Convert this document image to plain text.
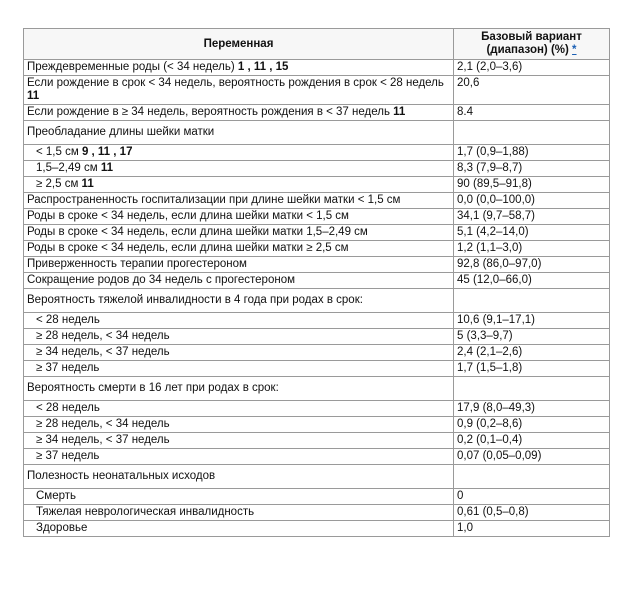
Переменная	Базовый вариант (диапазон) (%) *
Преждевременные роды (< 34 недель) 1 , 11 , 15	2,1 (2,0–3,6)
Если рождение в срок < 34 недель, вероятность рождения в срок < 28 недель 11	20,6
Если рождение в ≥ 34 недель, вероятность рождения в < 37 недель 11	8.4
Преобладание длины шейки матки	
< 1,5 см 9 , 11 , 17	1,7 (0,9–1,88)
1,5–2,49 см 11	8,3 (7,9–8,7)
≥ 2,5 см 11	90 (89,5–91,8)
Распространенность госпитализации при длине шейки матки < 1,5 см	0,0 (0,0–100,0)
Роды в сроке < 34 недель, если длина шейки матки < 1,5 см	34,1 (9,7–58,7)
Роды в сроке < 34 недель, если длина шейки матки 1,5–2,49 см	5,1 (4,2–14,0)
Роды в сроке < 34 недель, если длина шейки матки ≥ 2,5 см	1,2 (1,1–3,0)
Приверженность терапии прогестероном	92,8 (86,0–97,0)
Сокращение родов до 34 недель с прогестероном	45 (12,0–66,0)
Вероятность тяжелой инвалидности в 4 года при родах в срок:	
< 28 недель	10,6 (9,1–17,1)
≥ 28 недель, < 34 недель	5 (3,3–9,7)
≥ 34 недель, < 37 недель	2,4 (2,1–2,6)
≥ 37 недель	1,7 (1,5–1,8)
Вероятность смерти в 16 лет при родах в срок:	
< 28 недель	17,9 (8,0–49,3)
≥ 28 недель, < 34 недель	0,9 (0,2–8,6)
≥ 34 недель, < 37 недель	0,2 (0,1–0,4)
≥ 37 недель	0,07 (0,05–0,09)
Полезность неонатальных исходов	
Смерть	0
Тяжелая неврологическая инвалидность	0,61 (0,5–0,8)
Здоровье	1,0
